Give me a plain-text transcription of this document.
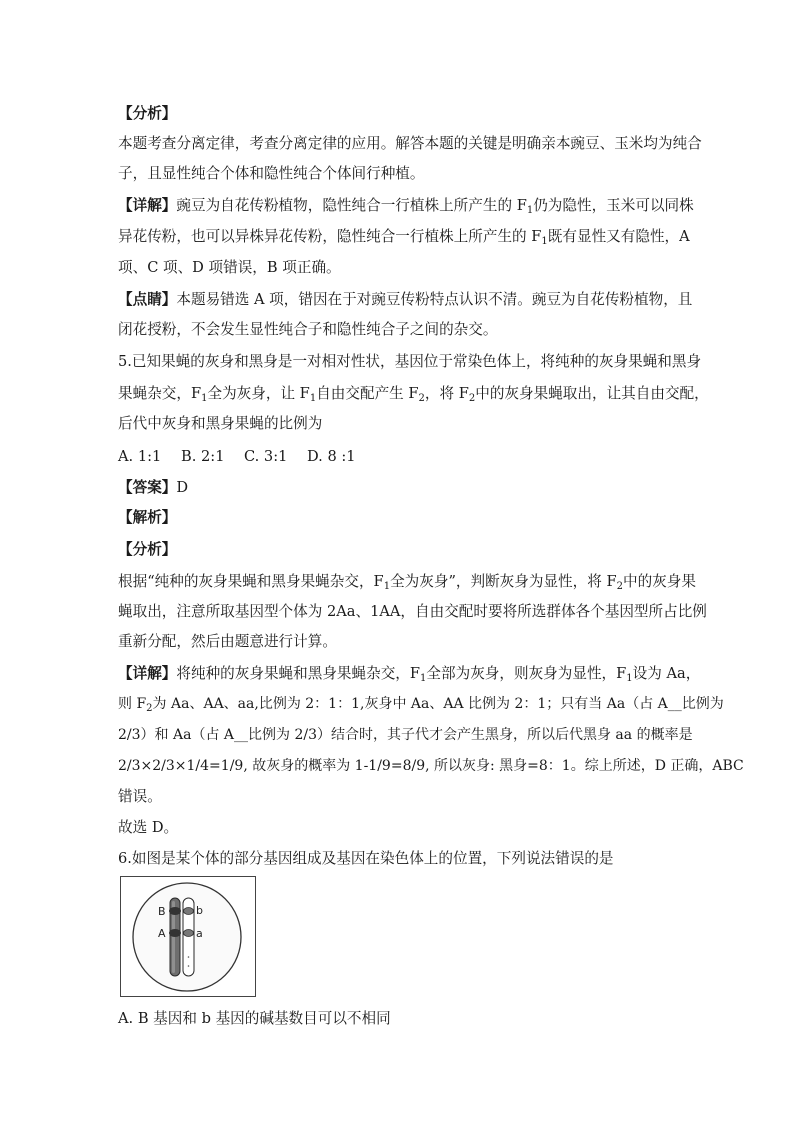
【分析】
本题考查分离定律，考查分离定律的应用。解答本题的关键是明确亲本豌豆、玉米均为纯合
子，且显性纯合个体和隐性纯合个体间行种植。
【详解】豌豆为自花传粉植物，隐性纯合一行植株上所产生的 $F_1$仍为隐性，玉米可以同株
异花传粉，也可以异株异花传粉，隐性纯合一行植株上所产生的 $F_1$既有显性又有隐性，A
项、C 项、D 项错误，B 项正确。
【点睛】本题易错选 A 项，错因在于对豌豆传粉特点认识不清。豌豆为自花传粉植物，且
闭花授粉，不会发生显性纯合子和隐性纯合子之间的杂交。
5.已知果蝇的灰身和黑身是一对相对性状，基因位于常染色体上，将纯种的灰身果蝇和黑身
果蝇杂交，$F_1$全为灰身，让 $F_1$自由交配产生 $F_2$，将 $F_2$中的灰身果蝇取出，让其自由交配，
后代中灰身和黑身果蝇的比例为
A. 1:1 B. 2:1 C. 3:1 D. 8 :1
【答案】D
【解析】
【分析】
根据“纯种的灰身果蝇和黑身果蝇杂交，$F_1$全为灰身”，判断灰身为显性，将 $F_2$中的灰身果
蝇取出，注意所取基因型个体为 2Aa、1AA，自由交配时要将所选群体各个基因型所占比例
重新分配，然后由题意进行计算。
【详解】将纯种的灰身果蝇和黑身果蝇杂交，$F_1$全部为灰身，则灰身为显性，$F_1$设为 Aa，
则 $F_2$为 Aa、AA、aa,比例为 2：1：1,灰身中 Aa、AA 比例为 2：1；只有当 Aa（占 A__比例为
2/3）和 Aa（占 A__比例为 2/3）结合时，其子代才会产生黑身，所以后代黑身 aa 的概率是
2/3×2/3×1/4=1/9, 故灰身的概率为 1-1/9=8/9, 所以灰身: 黑身=8：1。综上所述，D 正确，ABC
错误。
故选 D。
6.如图是某个体的部分基因组成及基因在染色体上的位置，下列说法错误的是
B	b
A	a
A. B 基因和 b 基因的碱基数目可以不相同
